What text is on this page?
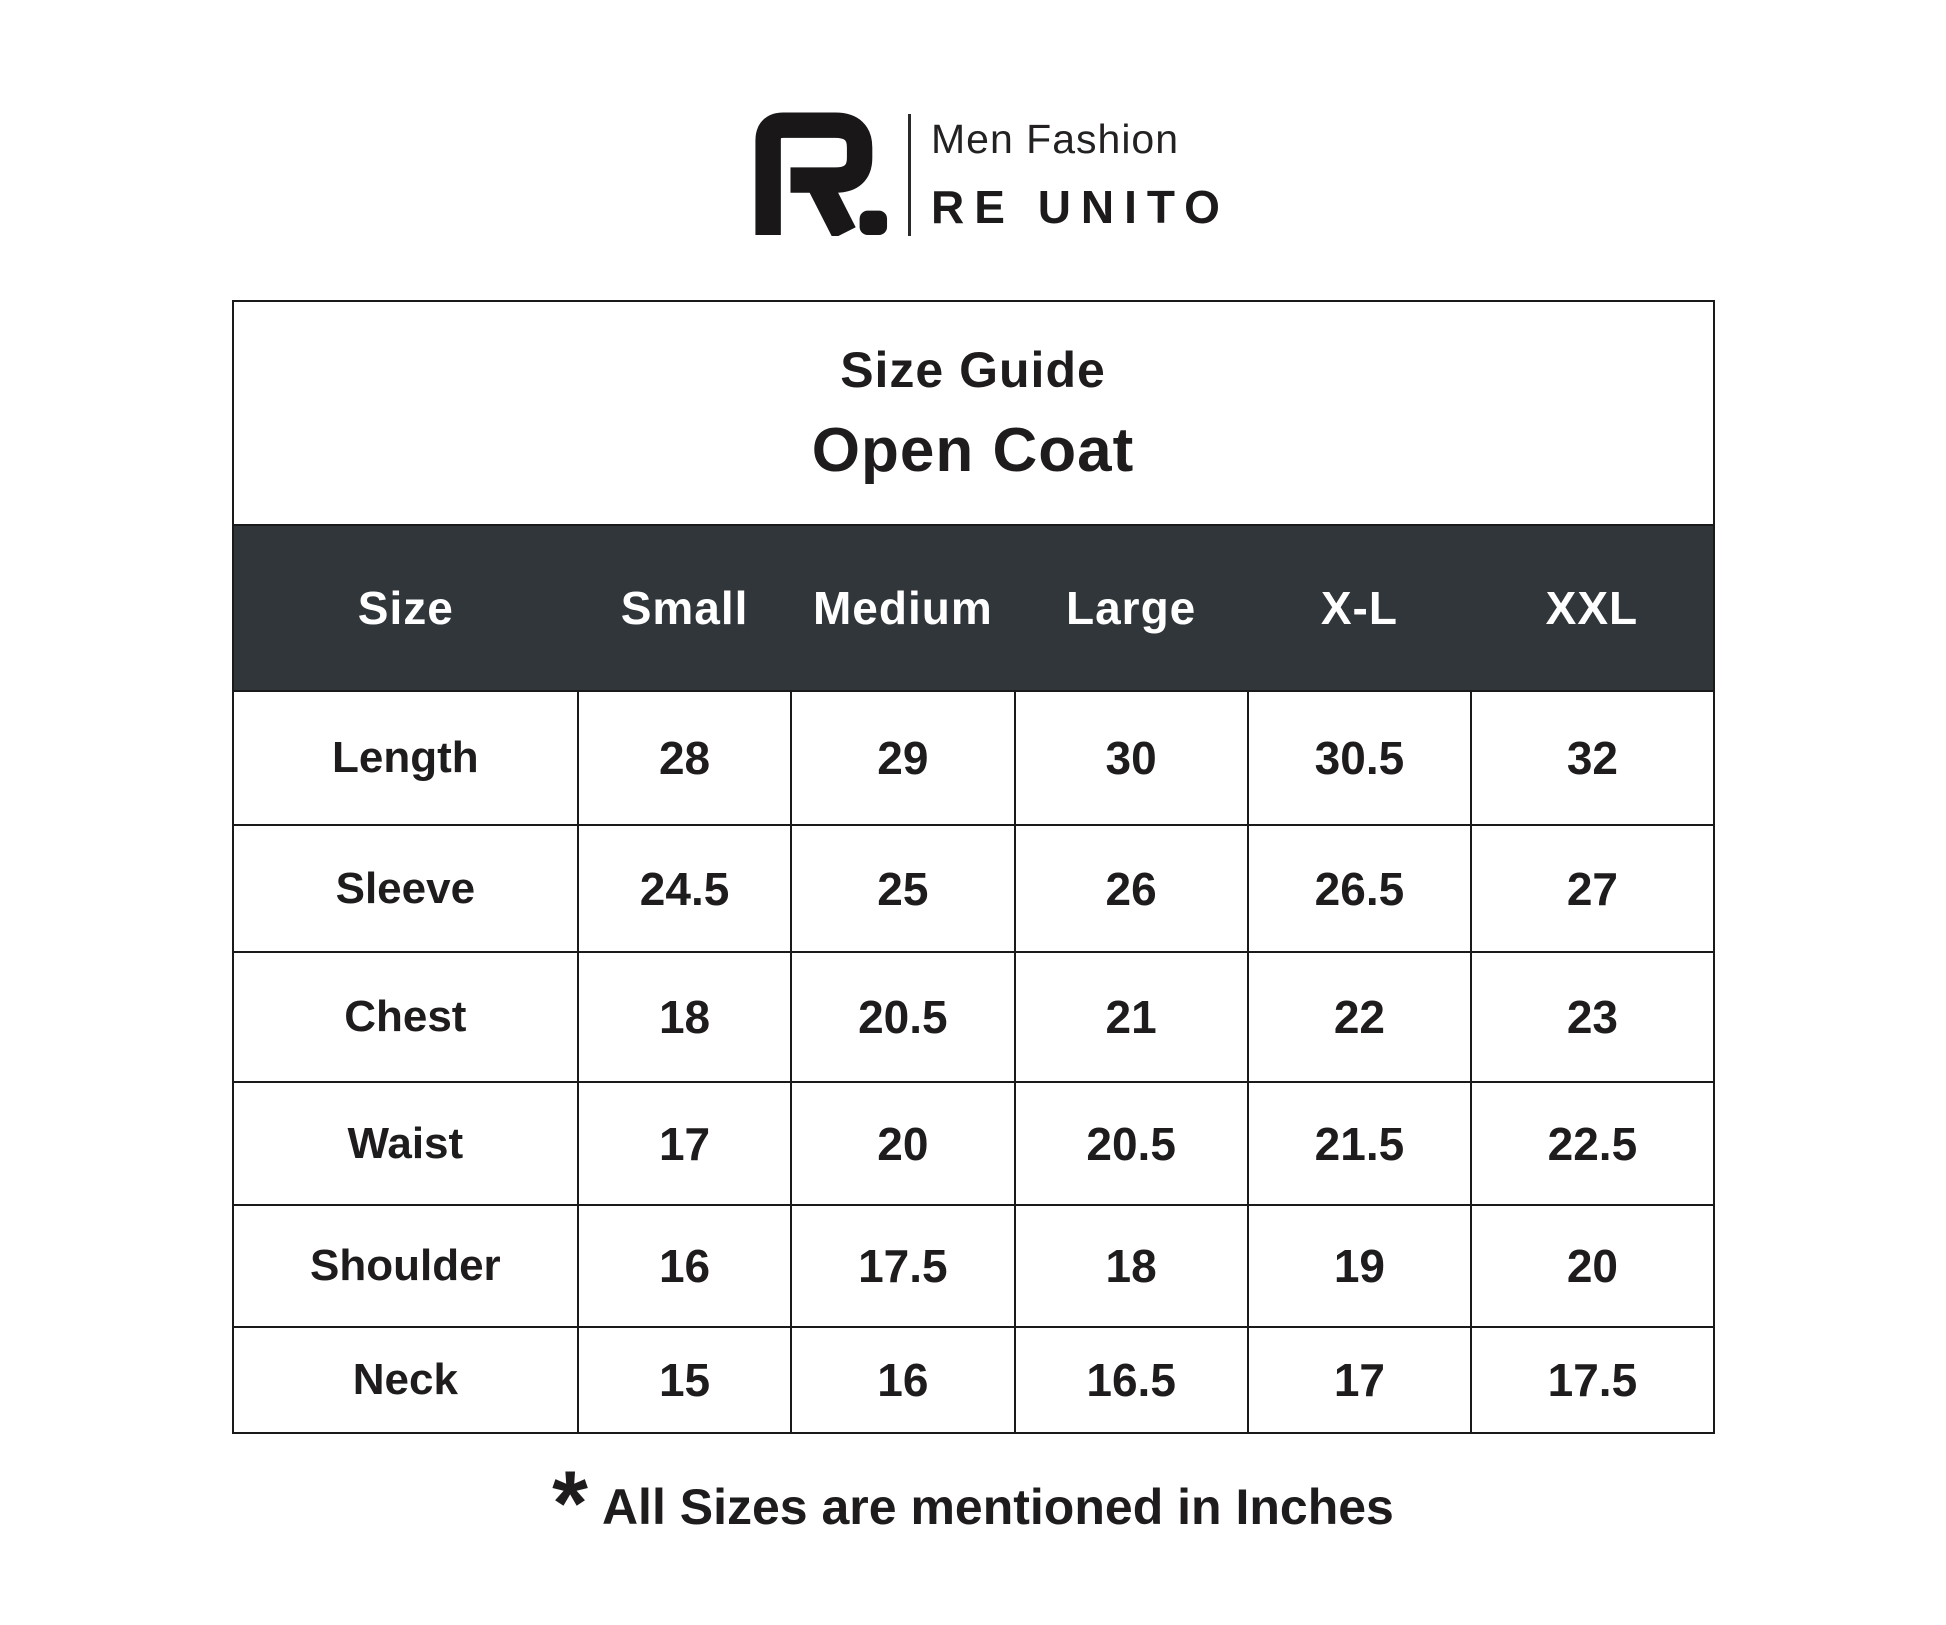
Men Fashion
RE UNITO
Size Guide
Open Coat					

Size	Small	Medium	Large	X-L	XXL
Length	28	29	30	30.5	32
Sleeve	24.5	25	26	26.5	27
Chest	18	20.5	21	22	23
Waist	17	20	20.5	21.5	22.5
Shoulder	16	17.5	18	19	20
Neck	15	16	16.5	17	17.5
* All Sizes are mentioned in Inches
